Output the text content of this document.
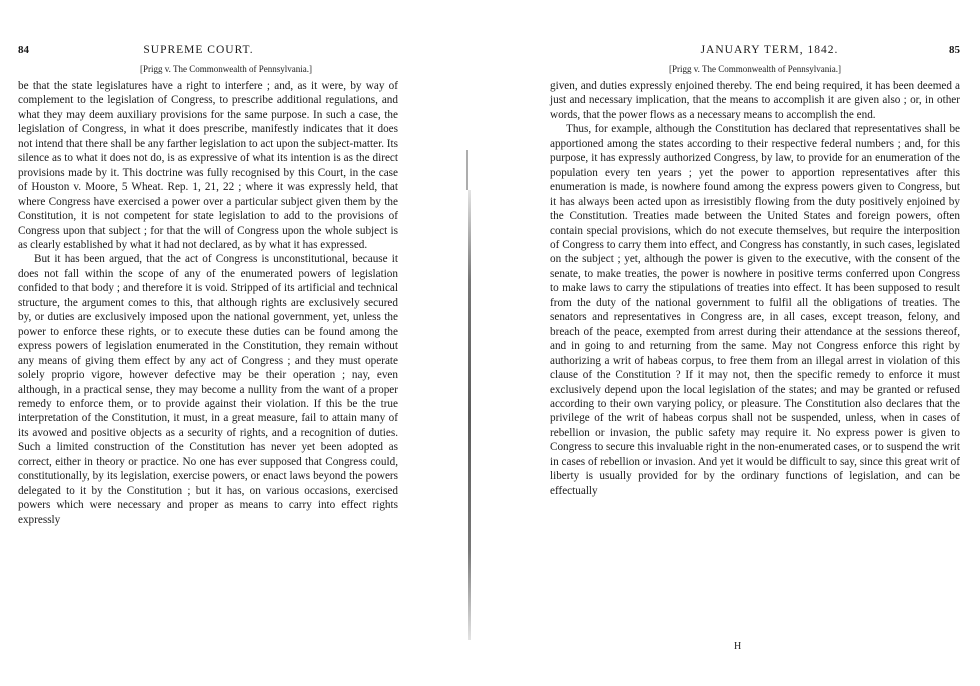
84	SUPREME COURT.
[Prigg v. The Commonwealth of Pennsylvania.]

be that the state legislatures have a right to interfere ; and, as it were, by way of complement to the legislation of Congress, to prescribe additional regulations, and what they may deem auxiliary provisions for the same purpose. In such a case, the legislation of Congress, in what it does prescribe, manifestly indicates that it does not intend that there shall be any farther legislation to act upon the subject-matter. Its silence as to what it does not do, is as expressive of what its intention is as the direct provisions made by it. This doctrine was fully recognised by this Court, in the case of Houston v. Moore, 5 Wheat. Rep. 1, 21, 22 ; where it was expressly held, that where Congress have exercised a power over a particular subject given them by the Constitution, it is not competent for state legislation to add to the provisions of Congress upon that subject ; for that the will of Congress upon the whole subject is as clearly established by what it had not declared, as by what it has expressed.

But it has been argued, that the act of Congress is unconstitutional, because it does not fall within the scope of any of the enumerated powers of legislation confided to that body ; and therefore it is void. Stripped of its artificial and technical structure, the argument comes to this, that although rights are exclusively secured by, or duties are exclusively imposed upon the national government, yet, unless the power to enforce these rights, or to execute these duties can be found among the express powers of legislation enumerated in the Constitution, they remain without any means of giving them effect by any act of Congress ; and they must operate solely proprio vigore, however defective may be their operation ; nay, even although, in a practical sense, they may become a nullity from the want of a proper remedy to enforce them, or to provide against their violation. If this be the true interpretation of the Constitution, it must, in a great measure, fail to attain many of its avowed and positive objects as a security of rights, and a recognition of duties. Such a limited construction of the Constitution has never yet been adopted as correct, either in theory or practice. No one has ever supposed that Congress could, constitutionally, by its legislation, exercise powers, or enact laws beyond the powers delegated to it by the Constitution ; but it has, on various occasions, exercised powers which were necessary and proper as means to carry into effect rights expressly

JANUARY TERM, 1842.	85
[Prigg v. The Commonwealth of Pennsylvania.]

given, and duties expressly enjoined thereby. The end being required, it has been deemed a just and necessary implication, that the means to accomplish it are given also ; or, in other words, that the power flows as a necessary means to accomplish the end.

Thus, for example, although the Constitution has declared that representatives shall be apportioned among the states according to their respective federal numbers ; and, for this purpose, it has expressly authorized Congress, by law, to provide for an enumeration of the population every ten years ; yet the power to apportion representatives after this enumeration is made, is nowhere found among the express powers given to Congress, but it has always been acted upon as irresistibly flowing from the duty positively enjoined by the Constitution. Treaties made between the United States and foreign powers, often contain special provisions, which do not execute themselves, but require the interposition of Congress to carry them into effect, and Congress has constantly, in such cases, legislated on the subject ; yet, although the power is given to the executive, with the consent of the senate, to make treaties, the power is nowhere in positive terms conferred upon Congress to make laws to carry the stipulations of treaties into effect. It has been supposed to result from the duty of the national government to fulfil all the obligations of treaties. The senators and representatives in Congress are, in all cases, except treason, felony, and breach of the peace, exempted from arrest during their attendance at the sessions thereof, and in going to and returning from the same. May not Congress enforce this right by authorizing a writ of habeas corpus, to free them from an illegal arrest in violation of this clause of the Constitution ? If it may not, then the specific remedy to enforce it must exclusively depend upon the local legislation of the states; and may be granted or refused according to their own varying policy, or pleasure. The Constitution also declares that the privilege of the writ of habeas corpus shall not be suspended, unless, when in cases of rebellion or invasion, the public safety may require it. No express power is given to Congress to secure this invaluable right in the non-enumerated cases, or to suspend the writ in cases of rebellion or invasion. And yet it would be difficult to say, since this great writ of liberty is usually provided for by the ordinary functions of legislation, and can be effectually

H
